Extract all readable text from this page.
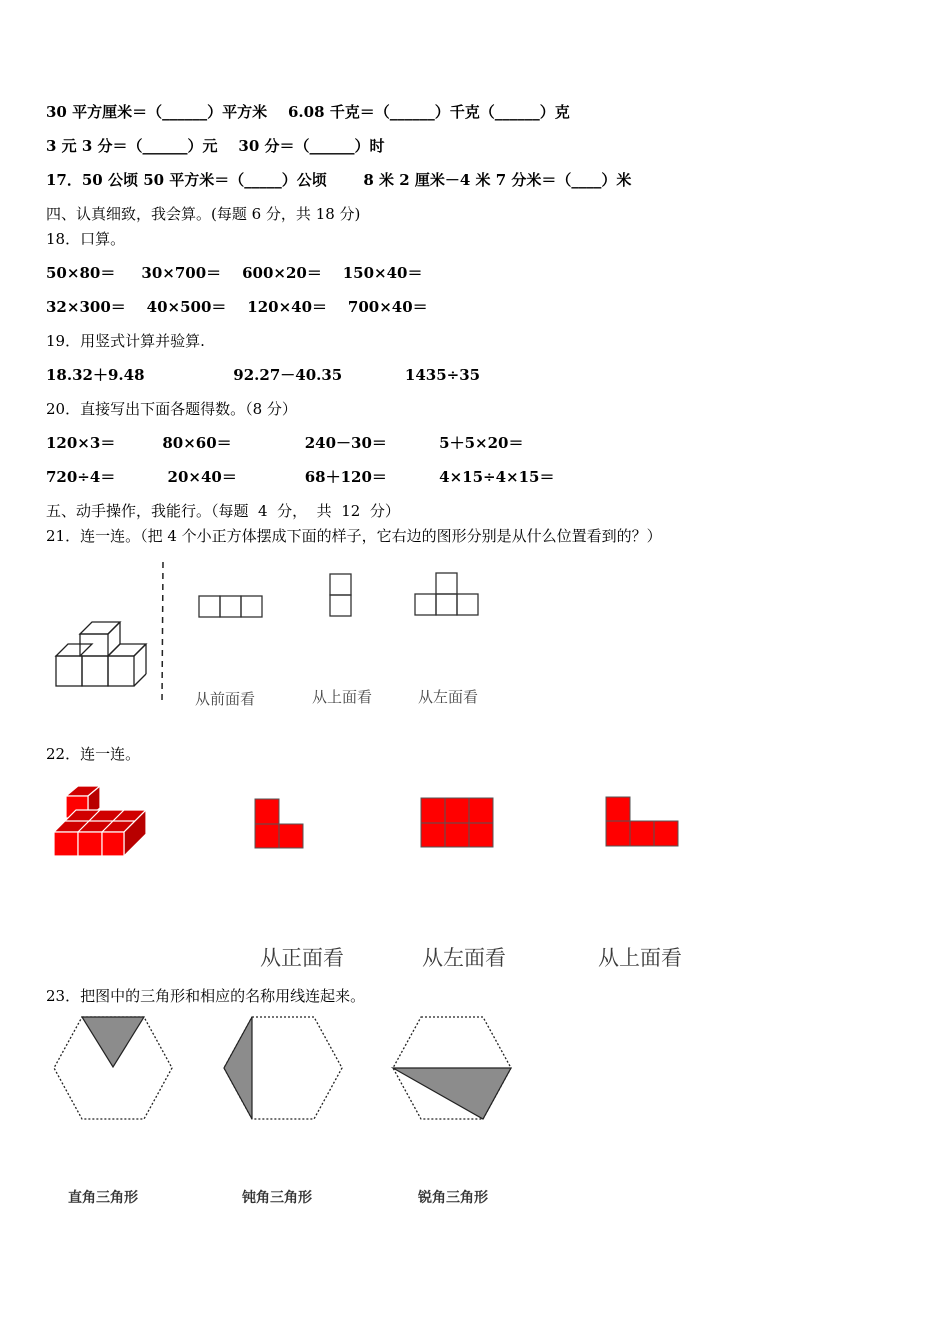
30 平方厘米＝（______）平方米    6.08 千克＝（______）千克（______）克
3 元 3 分＝（______）元    30 分＝（______）时
17．50 公顷 50 平方米＝（_____）公顷       8 米 2 厘米－4 米 7 分米＝（____）米
四、认真细致，我会算。(每题 6 分，共 18 分)
18．口算。
50×80＝     30×700＝    600×20＝    150×40＝
32×300＝    40×500＝    120×40＝    700×40＝
19．用竖式计算并验算.
18.32＋9.48                 92.27－40.35            1435÷35
20．直接写出下面各题得数。（8 分）
120×3＝         80×60＝              240－30＝          5＋5×20＝
720÷4＝          20×40＝             68＋120＝          4×15÷4×15＝
五、动手操作，我能行。（每题  4  分，  共  12  分）
21．连一连。（把 4 个小正方体摆成下面的样子，它右边的图形分别是从什么位置看到的？）
22．连一连。
23．把图中的三角形和相应的名称用线连起来。
从前面看	从上面看	从左面看
从正面看	从左面看	从上面看
直角三角形	钝角三角形	锐角三角形
